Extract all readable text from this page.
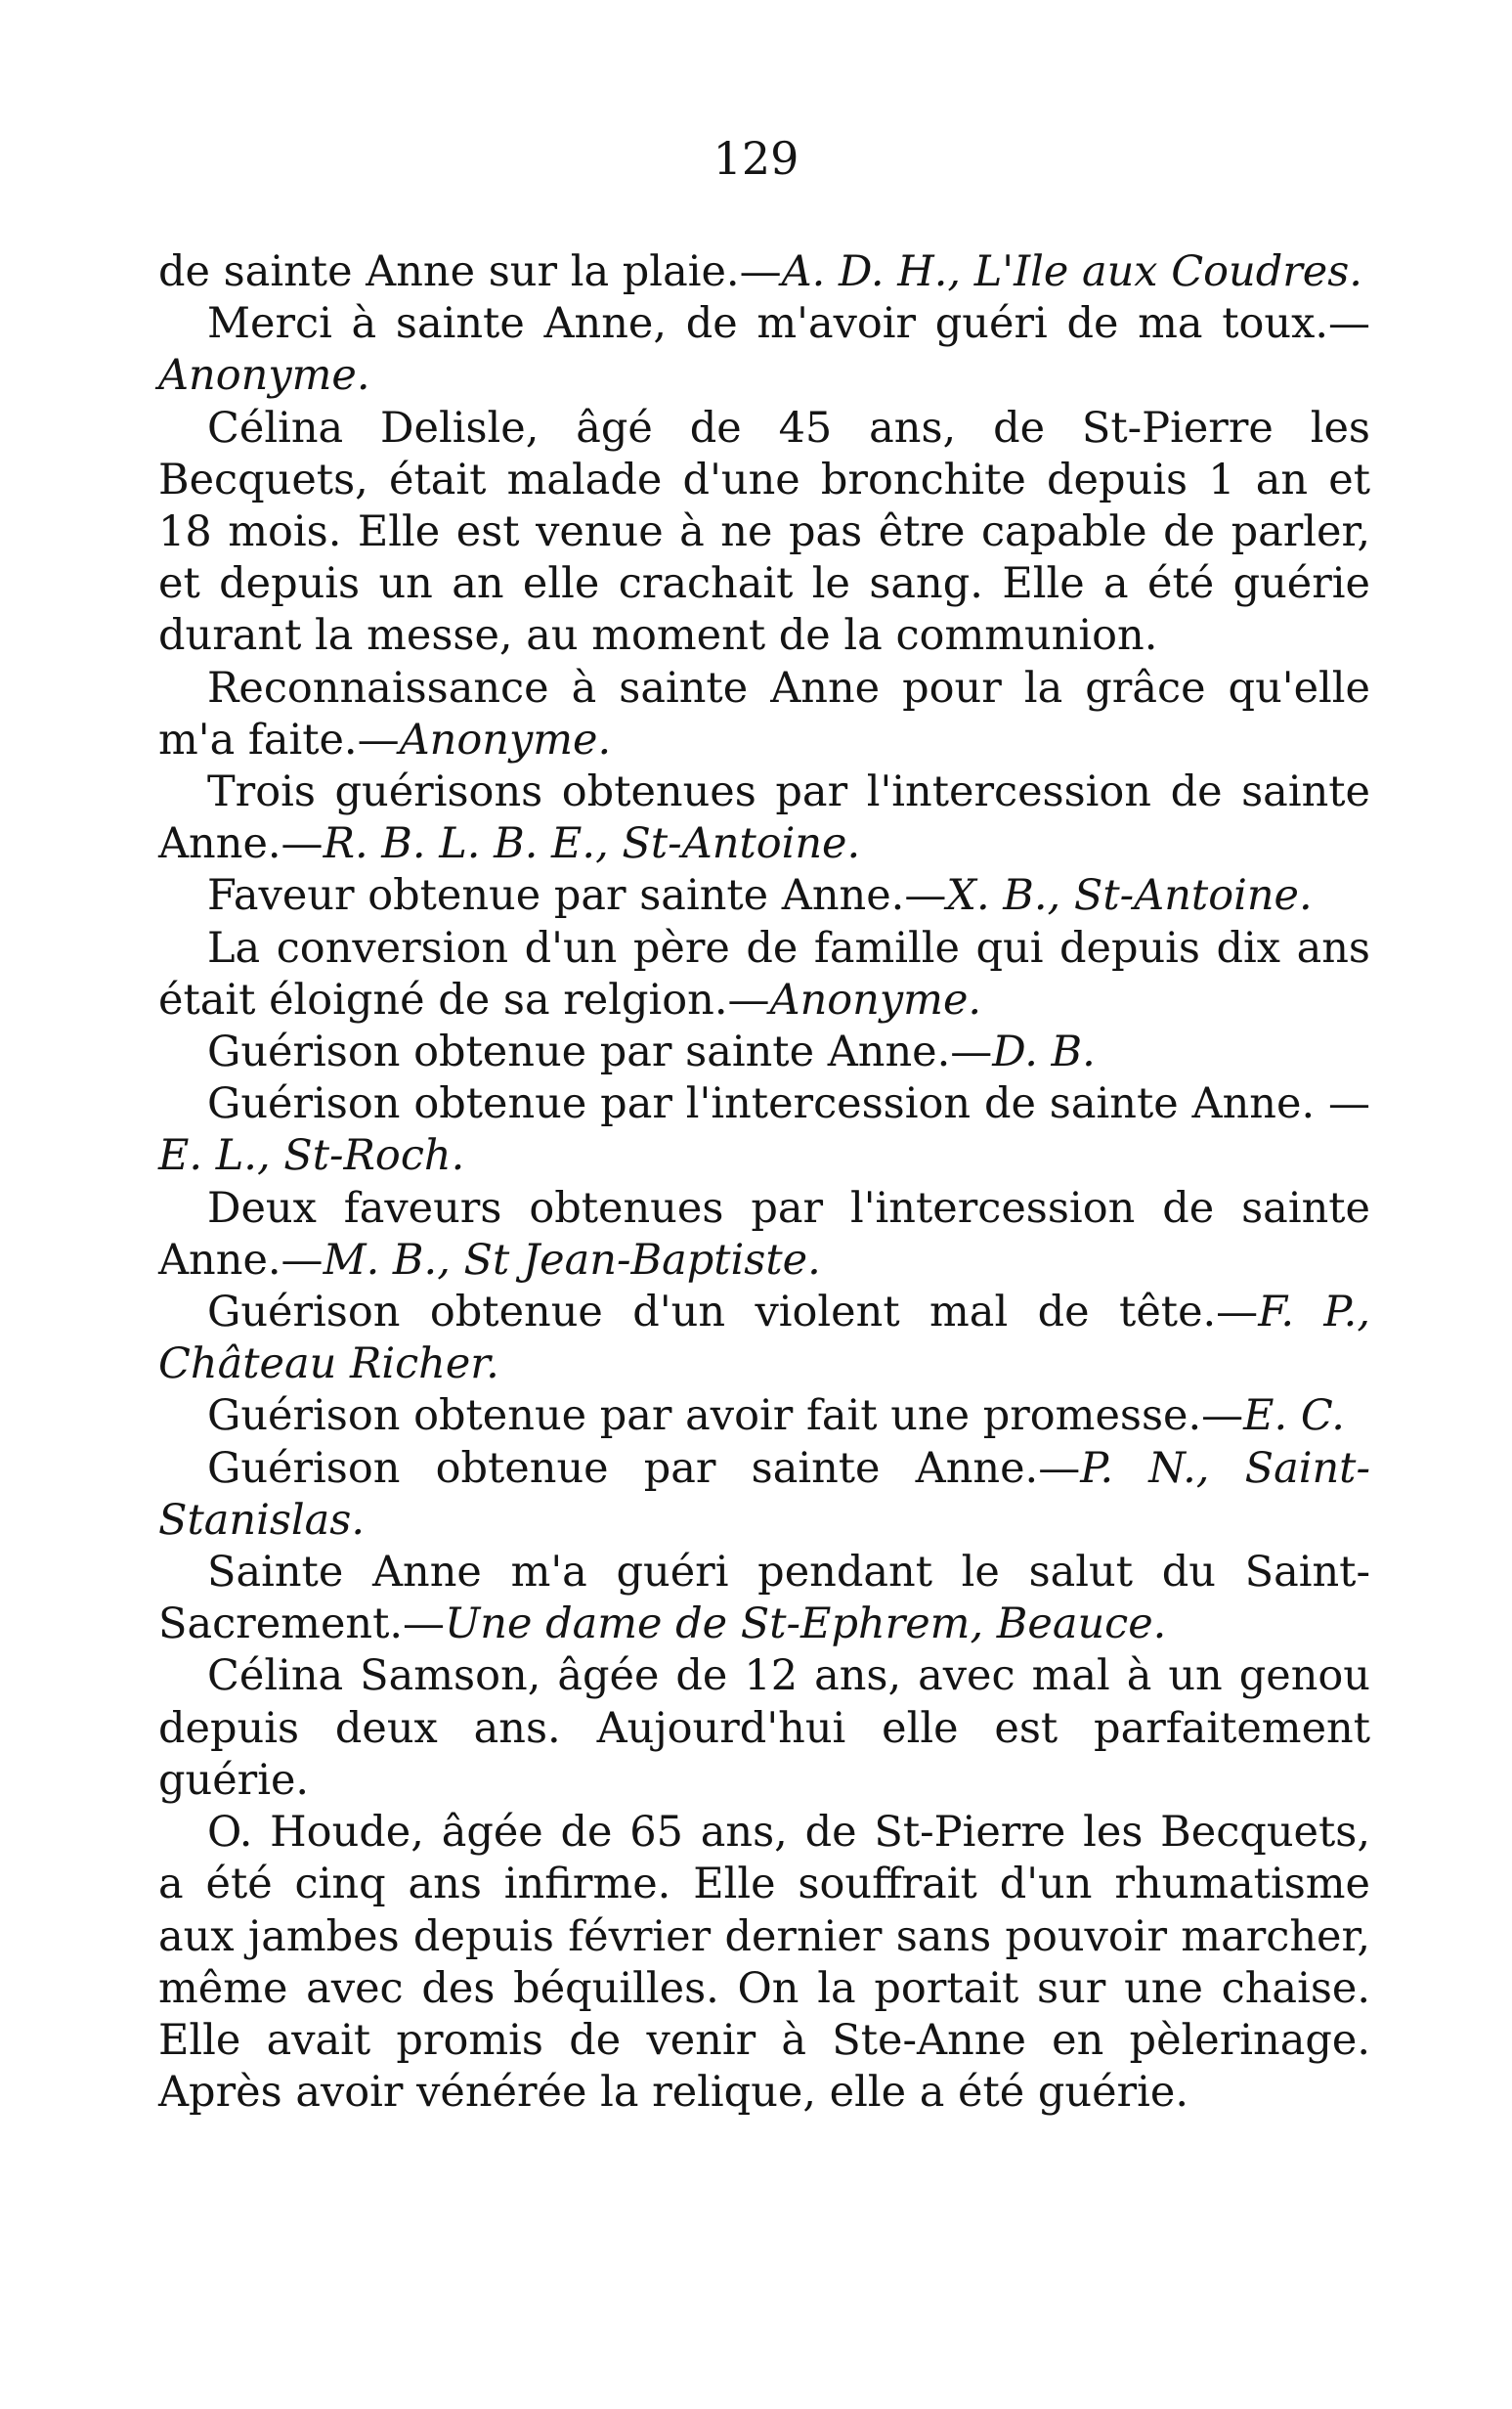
129

de sainte Anne sur la plaie.—A. D. H., L'Ile aux Coudres.

Merci à sainte Anne, de m'avoir guéri de ma toux.—Anonyme.

Célina Delisle, âgé de 45 ans, de St-Pierre les Becquets, était malade d'une bronchite depuis 1 an et 18 mois. Elle est venue à ne pas être capable de parler, et depuis un an elle crachait le sang. Elle a été guérie durant la messe, au moment de la communion.

Reconnaissance à sainte Anne pour la grâce qu'elle m'a faite.—Anonyme.

Trois guérisons obtenues par l'intercession de sainte Anne.—R. B. L. B. E., St-Antoine.

Faveur obtenue par sainte Anne.—X. B., St-Antoine.

La conversion d'un père de famille qui depuis dix ans était éloigné de sa relgion.—Anonyme.

Guérison obtenue par sainte Anne.—D. B.

Guérison obtenue par l'intercession de sainte Anne. —E. L., St-Roch.

Deux faveurs obtenues par l'intercession de sainte Anne.—M. B., St Jean-Baptiste.

Guérison obtenue d'un violent mal de tête.—F. P., Château Richer.

Guérison obtenue par avoir fait une promesse.—E. C.

Guérison obtenue par sainte Anne.—P. N., Saint-Stanislas.

Sainte Anne m'a guéri pendant le salut du Saint-Sacrement.—Une dame de St-Ephrem, Beauce.

Célina Samson, âgée de 12 ans, avec mal à un genou depuis deux ans. Aujourd'hui elle est parfaitement guérie.

O. Houde, âgée de 65 ans, de St-Pierre les Becquets, a été cinq ans infirme. Elle souffrait d'un rhumatisme aux jambes depuis février dernier sans pouvoir marcher, même avec des béquilles. On la portait sur une chaise. Elle avait promis de venir à Ste-Anne en pèlerinage. Après avoir vénérée la relique, elle a été guérie.
